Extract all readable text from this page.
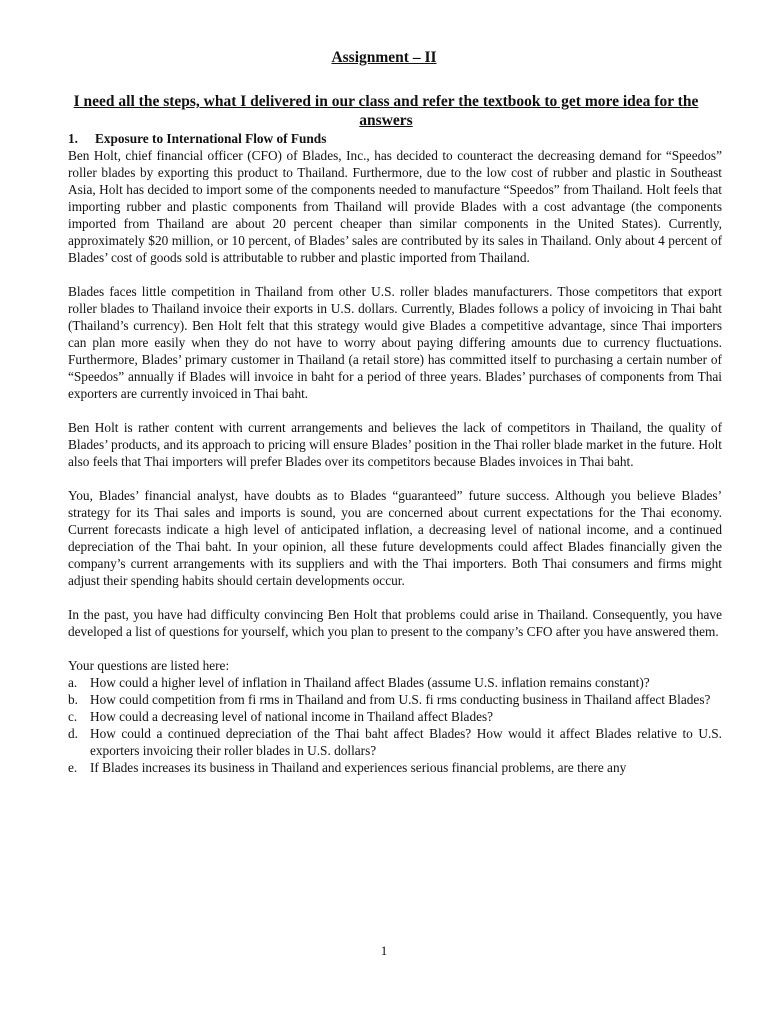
Assignment – II

I need all the steps, what I delivered in our class and refer the textbook to get more idea for the answers

1. Exposure to International Flow of Funds

Ben Holt, chief financial officer (CFO) of Blades, Inc., has decided to counteract the decreasing demand for “Speedos” roller blades by exporting this product to Thailand. Furthermore, due to the low cost of rubber and plastic in Southeast Asia, Holt has decided to import some of the components needed to manufacture “Speedos” from Thailand. Holt feels that importing rubber and plastic components from Thailand will provide Blades with a cost advantage (the components imported from Thailand are about 20 percent cheaper than similar components in the United States). Currently, approximately $20 million, or 10 percent, of Blades’ sales are contributed by its sales in Thailand. Only about 4 percent of Blades’ cost of goods sold is attributable to rubber and plastic imported from Thailand.

Blades faces little competition in Thailand from other U.S. roller blades manufacturers. Those competitors that export roller blades to Thailand invoice their exports in U.S. dollars. Currently, Blades follows a policy of invoicing in Thai baht (Thailand’s currency). Ben Holt felt that this strategy would give Blades a competitive advantage, since Thai importers can plan more easily when they do not have to worry about paying differing amounts due to currency fluctuations. Furthermore, Blades’ primary customer in Thailand (a retail store) has committed itself to purchasing a certain number of “Speedos” annually if Blades will invoice in baht for a period of three years. Blades’ purchases of components from Thai exporters are currently invoiced in Thai baht.

Ben Holt is rather content with current arrangements and believes the lack of competitors in Thailand, the quality of Blades’ products, and its approach to pricing will ensure Blades’ position in the Thai roller blade market in the future. Holt also feels that Thai importers will prefer Blades over its competitors because Blades invoices in Thai baht.

You, Blades’ financial analyst, have doubts as to Blades “guaranteed” future success. Although you believe Blades’ strategy for its Thai sales and imports is sound, you are concerned about current expectations for the Thai economy. Current forecasts indicate a high level of anticipated inflation, a decreasing level of national income, and a continued depreciation of the Thai baht. In your opinion, all these future developments could affect Blades financially given the company’s current arrangements with its suppliers and with the Thai importers. Both Thai consumers and firms might adjust their spending habits should certain developments occur.

In the past, you have had difficulty convincing Ben Holt that problems could arise in Thailand. Consequently, you have developed a list of questions for yourself, which you plan to present to the company’s CFO after you have answered them.

Your questions are listed here:

a. How could a higher level of inflation in Thailand affect Blades (assume U.S. inflation remains constant)?
b. How could competition from fi rms in Thailand and from U.S. fi rms conducting business in Thailand affect Blades?
c. How could a decreasing level of national income in Thailand affect Blades?
d. How could a continued depreciation of the Thai baht affect Blades? How would it affect Blades relative to U.S. exporters invoicing their roller blades in U.S. dollars?
e. If Blades increases its business in Thailand and experiences serious financial problems, are there any

1
